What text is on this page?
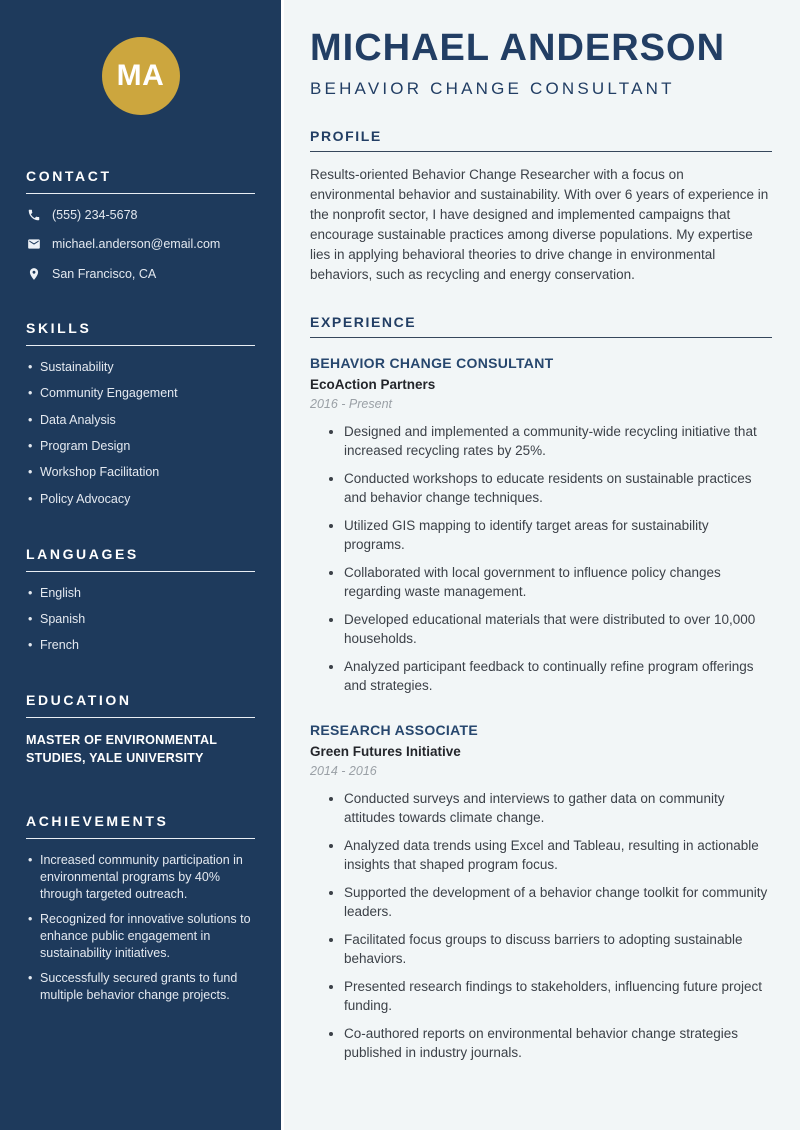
MA
CONTACT
(555) 234-5678
michael.anderson@email.com
San Francisco, CA
SKILLS
• Sustainability
• Community Engagement
• Data Analysis
• Program Design
• Workshop Facilitation
• Policy Advocacy
LANGUAGES
• English
• Spanish
• French
EDUCATION
MASTER OF ENVIRONMENTAL STUDIES, YALE UNIVERSITY
ACHIEVEMENTS
• Increased community participation in environmental programs by 40% through targeted outreach.
• Recognized for innovative solutions to enhance public engagement in sustainability initiatives.
• Successfully secured grants to fund multiple behavior change projects.
MICHAEL ANDERSON
BEHAVIOR CHANGE CONSULTANT
PROFILE

Results-oriented Behavior Change Researcher with a focus on environmental behavior and sustainability. With over 6 years of experience in the nonprofit sector, I have designed and implemented campaigns that encourage sustainable practices among diverse populations. My expertise lies in applying behavioral theories to drive change in environmental behaviors, such as recycling and energy conservation.

EXPERIENCE
BEHAVIOR CHANGE CONSULTANT
EcoAction Partners
2016 - Present
• Designed and implemented a community-wide recycling initiative that increased recycling rates by 25%.
• Conducted workshops to educate residents on sustainable practices and behavior change techniques.
• Utilized GIS mapping to identify target areas for sustainability programs.
• Collaborated with local government to influence policy changes regarding waste management.
• Developed educational materials that were distributed to over 10,000 households.
• Analyzed participant feedback to continually refine program offerings and strategies.
RESEARCH ASSOCIATE
Green Futures Initiative
2014 - 2016
• Conducted surveys and interviews to gather data on community attitudes towards climate change.
• Analyzed data trends using Excel and Tableau, resulting in actionable insights that shaped program focus.
• Supported the development of a behavior change toolkit for community leaders.
• Facilitated focus groups to discuss barriers to adopting sustainable behaviors.
• Presented research findings to stakeholders, influencing future project funding.
• Co-authored reports on environmental behavior change strategies published in industry journals.
